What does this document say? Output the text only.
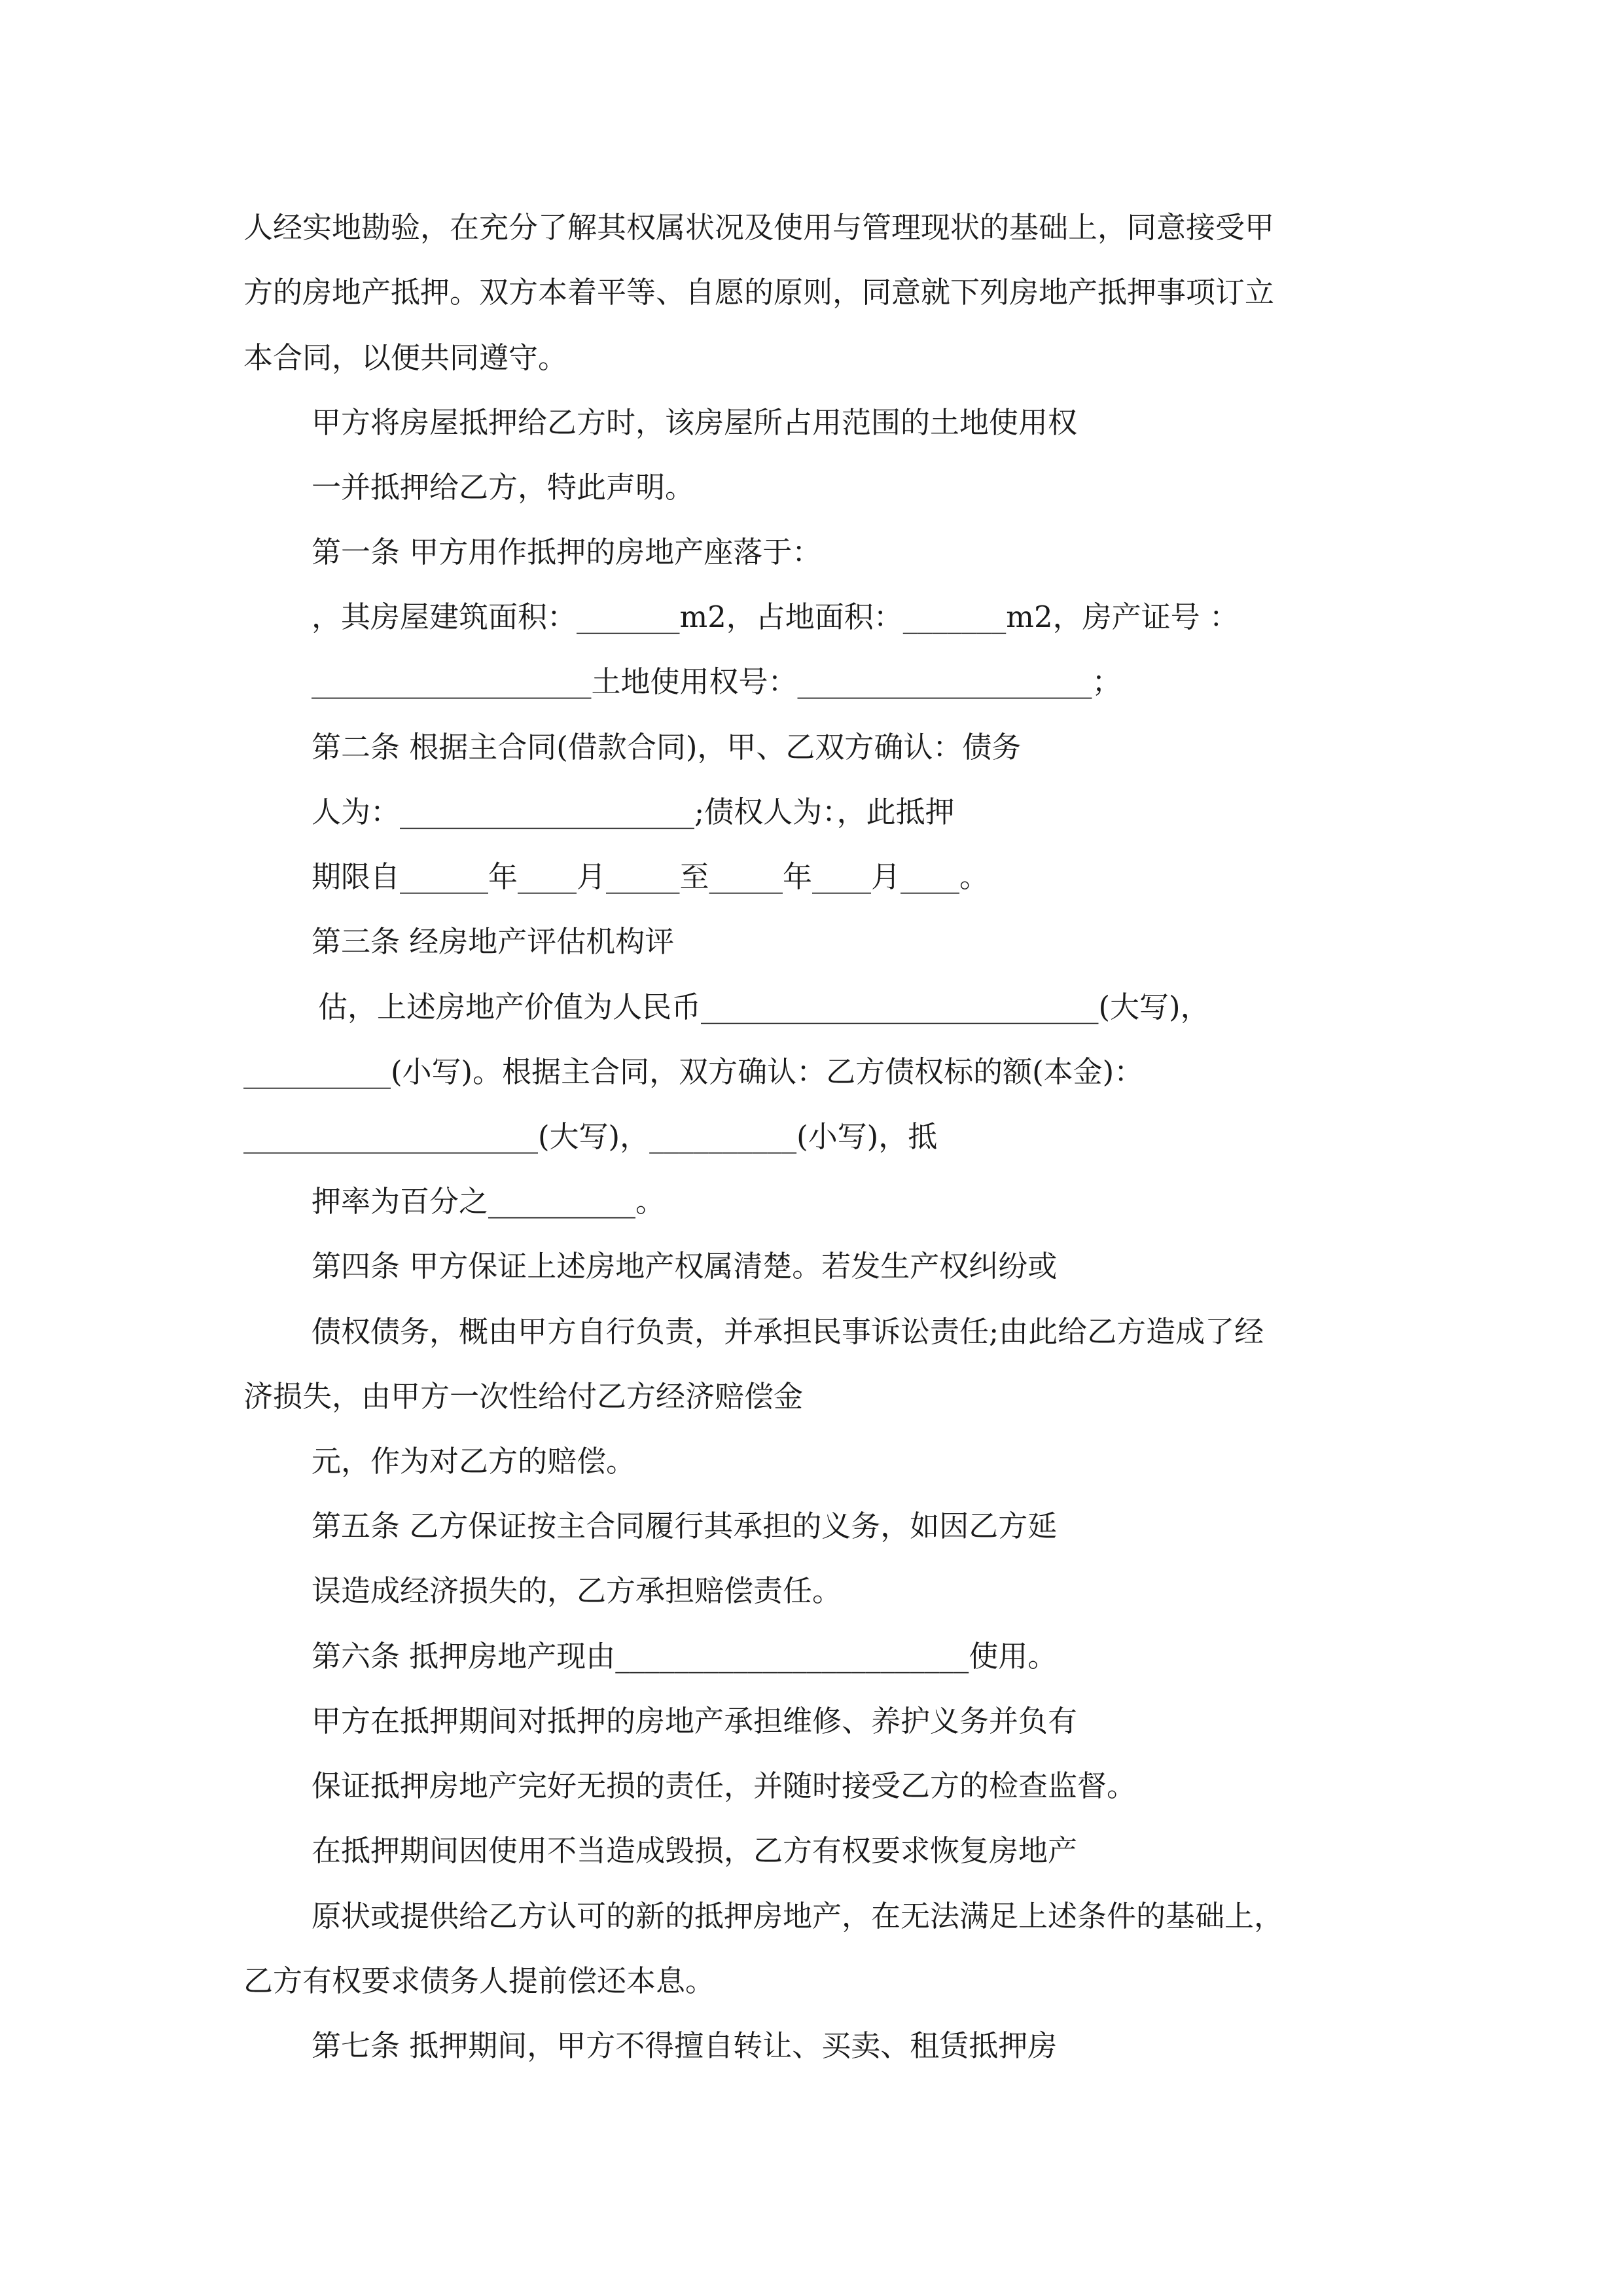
人经实地勘验，在充分了解其权属状况及使用与管理现状的基础上，同意接受甲
方的房地产抵押。双方本着平等、自愿的原则，同意就下列房地产抵押事项订立
本合同，以便共同遵守。
甲方将房屋抵押给乙方时，该房屋所占用范围的土地使用权
一并抵押给乙方，特此声明。
第一条 甲方用作抵押的房地产座落于：
，其房屋建筑面积：_______m2，占地面积：_______m2，房产证号 ：
___________________土地使用权号：____________________；
第二条 根据主合同(借款合同)，甲、乙双方确认：债务
人为：____________________;债权人为：，此抵押
期限自______年____月_____至_____年____月____。
第三条 经房地产评估机构评
估，上述房地产价值为人民币___________________________(大写)，
__________(小写)。根据主合同，双方确认：乙方债权标的额(本金)：
____________________(大写)，__________(小写)，抵
押率为百分之__________。
第四条 甲方保证上述房地产权属清楚。若发生产权纠纷或
债权债务，概由甲方自行负责，并承担民事诉讼责任;由此给乙方造成了经
济损失，由甲方一次性给付乙方经济赔偿金
元，作为对乙方的赔偿。
第五条 乙方保证按主合同履行其承担的义务，如因乙方延
误造成经济损失的，乙方承担赔偿责任。
第六条 抵押房地产现由________________________使用。
甲方在抵押期间对抵押的房地产承担维修、养护义务并负有
保证抵押房地产完好无损的责任，并随时接受乙方的检查监督。
在抵押期间因使用不当造成毁损，乙方有权要求恢复房地产
原状或提供给乙方认可的新的抵押房地产，在无法满足上述条件的基础上，
乙方有权要求债务人提前偿还本息。
第七条 抵押期间，甲方不得擅自转让、买卖、租赁抵押房
